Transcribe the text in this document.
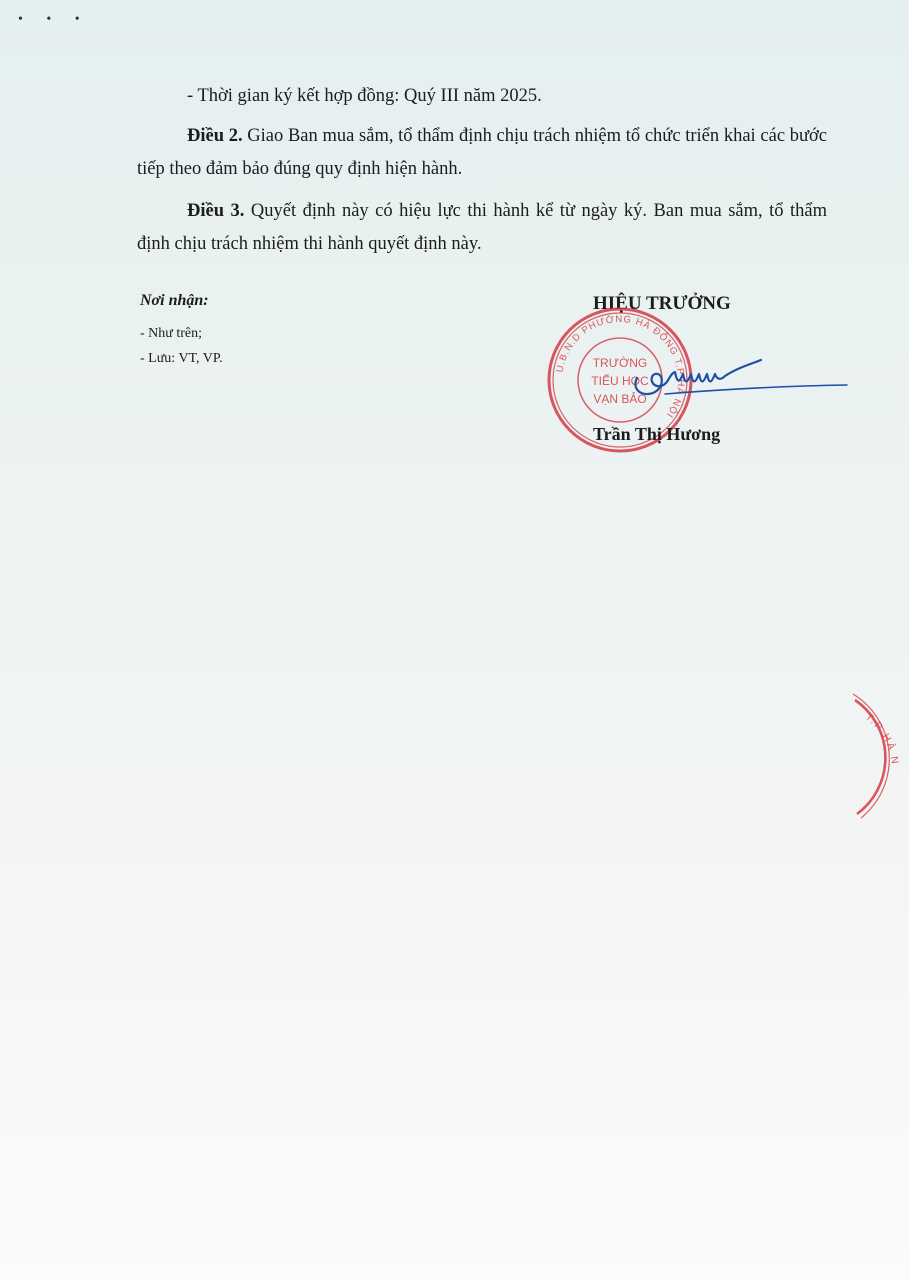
• • •
- Thời gian ký kết hợp đồng: Quý III năm 2025.
Điều 2. Giao Ban mua sắm, tổ thẩm định chịu trách nhiệm tổ chức triển khai các bước tiếp theo đảm bảo đúng quy định hiện hành.
Điều 3. Quyết định này có hiệu lực thi hành kể từ ngày ký. Ban mua sắm, tổ thẩm định chịu trách nhiệm thi hành quyết định này.
Nơi nhận:
- Như trên;
- Lưu: VT, VP.
HIỆU TRƯỞNG
U.B.N.D PHƯỜNG HÀ ĐÔNG T.P HÀ NỘI
TRƯỜNG
TIỂU HỌC
VẠN BẢO
Trần Thị Hương
T.P HÀ N
